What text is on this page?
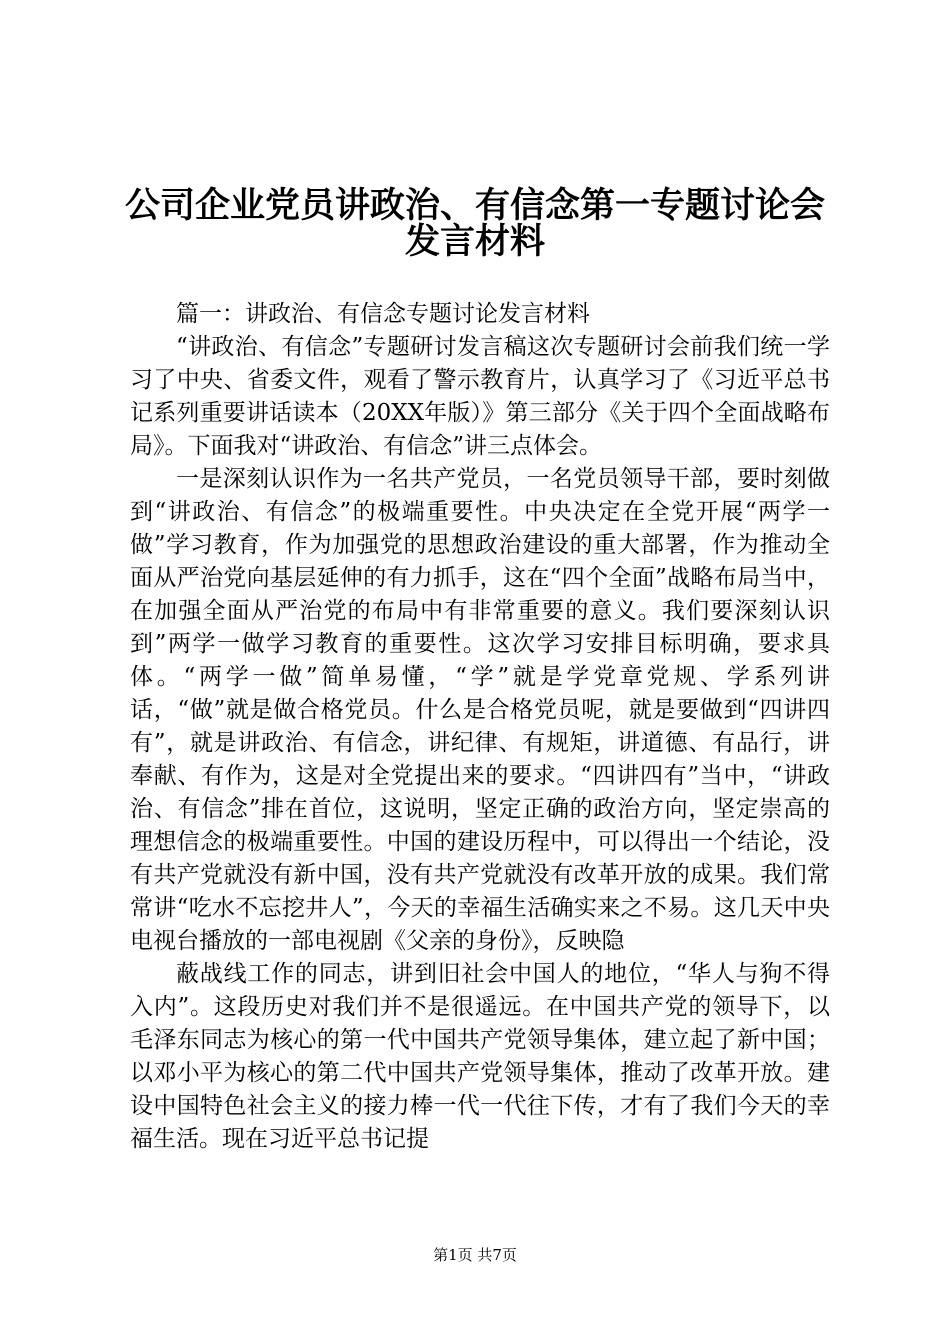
公司企业党员讲政治、有信念第一专题讨论会
发言材料

篇一：讲政治、有信念专题讨论发言材料

“讲政治、有信念”专题研讨发言稿这次专题研讨会前我们统一学习了中央、省委文件，观看了警示教育片，认真学习了《习近平总书记系列重要讲话读本（20XX年版）》第三部分《关于四个全面战略布局》。下面我对“讲政治、有信念”讲三点体会。

一是深刻认识作为一名共产党员，一名党员领导干部，要时刻做到“讲政治、有信念”的极端重要性。中央决定在全党开展“两学一做”学习教育，作为加强党的思想政治建设的重大部署，作为推动全面从严治党向基层延伸的有力抓手，这在“四个全面”战略布局当中，在加强全面从严治党的布局中有非常重要的意义。我们要深刻认识到”两学一做学习教育的重要性。这次学习安排目标明确，要求具体。“两学一做”简单易懂，“学”就是学党章党规、学系列讲话，“做”就是做合格党员。什么是合格党员呢，就是要做到“四讲四有”，就是讲政治、有信念，讲纪律、有规矩，讲道德、有品行，讲奉献、有作为，这是对全党提出来的要求。“四讲四有”当中，“讲政治、有信念”排在首位，这说明，坚定正确的政治方向，坚定崇高的理想信念的极端重要性。中国的建设历程中，可以得出一个结论，没有共产党就没有新中国，没有共产党就没有改革开放的成果。我们常常讲“吃水不忘挖井人”，今天的幸福生活确实来之不易。这几天中央电视台播放的一部电视剧《父亲的身份》，反映隐

蔽战线工作的同志，讲到旧社会中国人的地位，“华人与狗不得入内”。这段历史对我们并不是很遥远。在中国共产党的领导下，以毛泽东同志为核心的第一代中国共产党领导集体，建立起了新中国；以邓小平为核心的第二代中国共产党领导集体，推动了改革开放。建设中国特色社会主义的接力棒一代一代往下传，才有了我们今天的幸福生活。现在习近平总书记提

第1页 共7页
